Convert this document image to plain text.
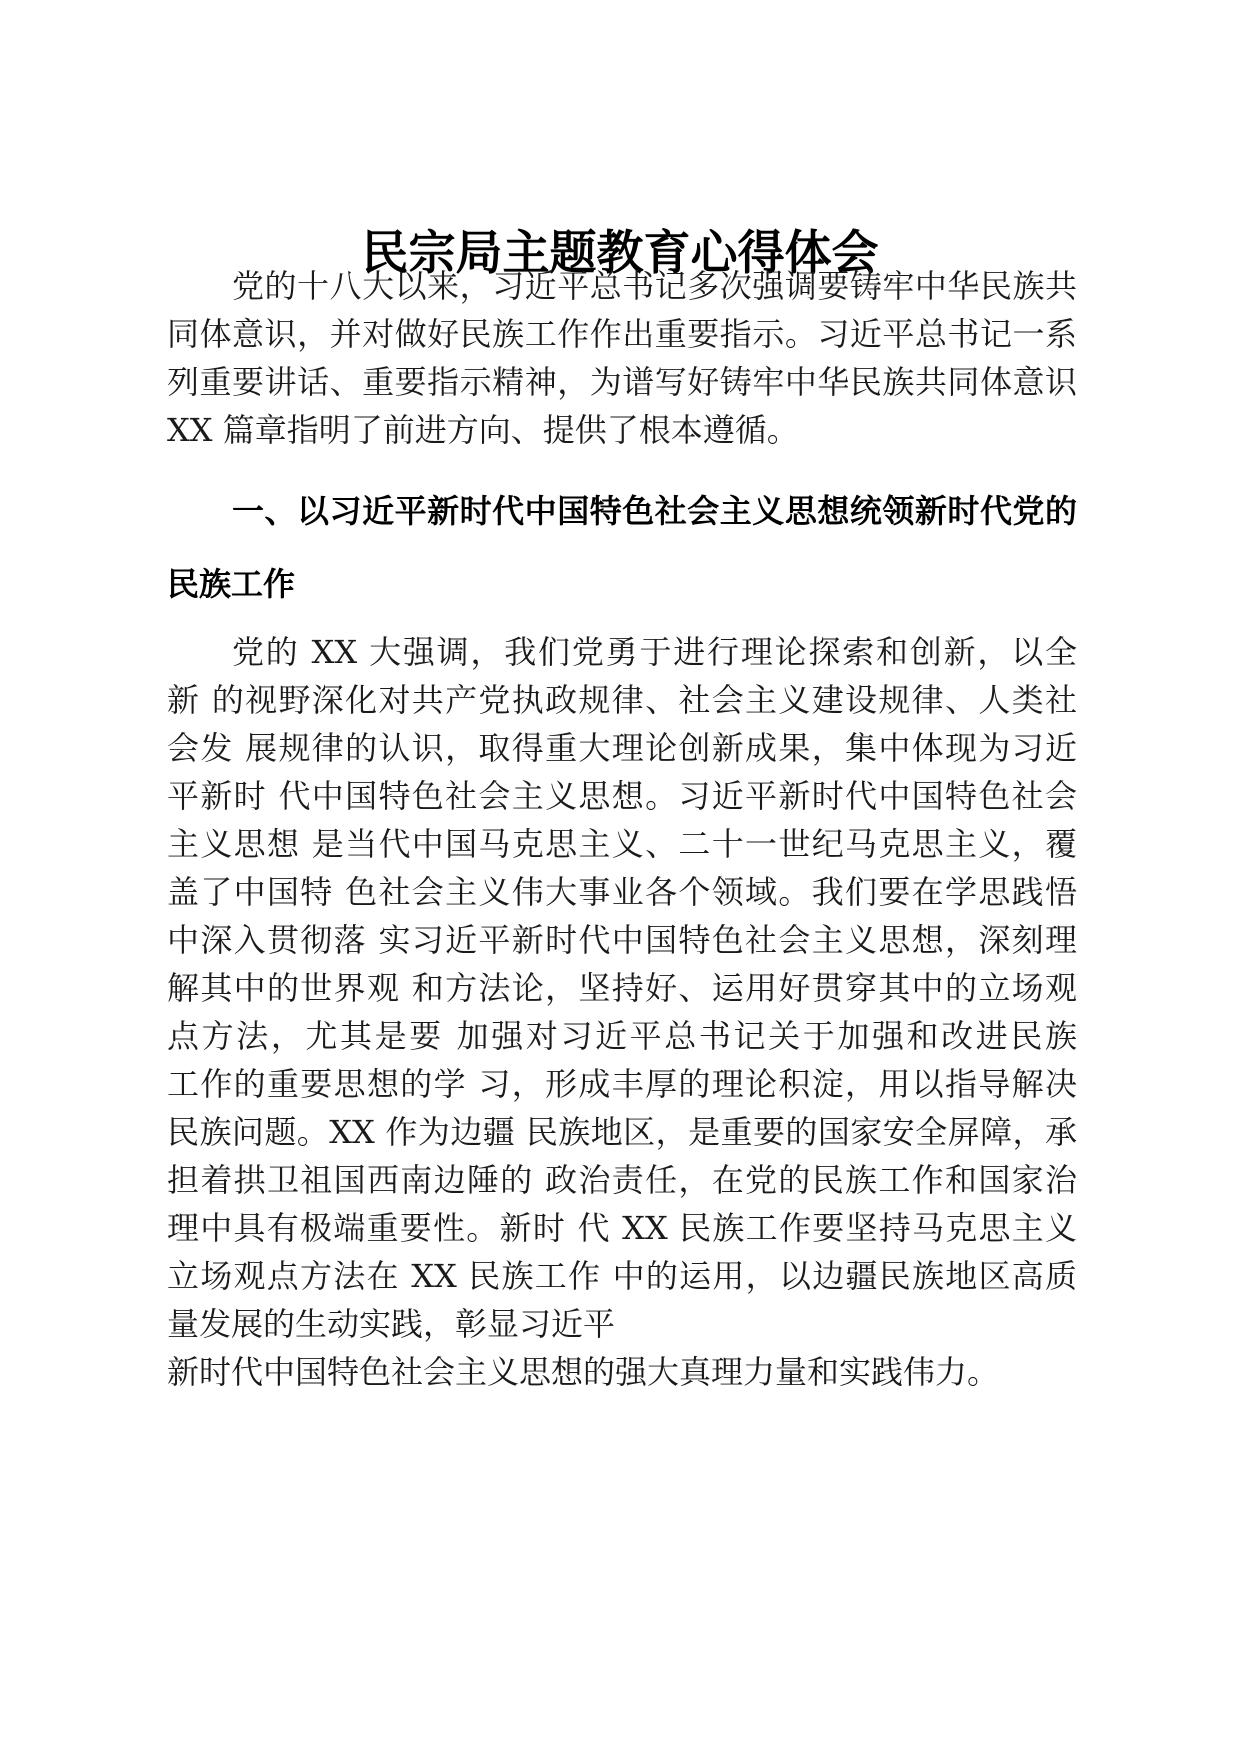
民宗局主题教育心得体会

党的十八大以来，习近平总书记多次强调要铸牢中华民族共

同体意识，并对做好民族工作作出重要指示。习近平总书记一系

列重要讲话、重要指示精神，为谱写好铸牢中华民族共同体意识

XX 篇章指明了前进方向、提供了根本遵循。

一、以习近平新时代中国特色社会主义思想统领新时代党的

民族工作

党的 XX 大强调，我们党勇于进行理论探索和创新，以全

新 的视野深化对共产党执政规律、社会主义建设规律、人类社

会发 展规律的认识，取得重大理论创新成果，集中体现为习近

平新时 代中国特色社会主义思想。习近平新时代中国特色社会

主义思想 是当代中国马克思主义、二十一世纪马克思主义，覆

盖了中国特 色社会主义伟大事业各个领域。我们要在学思践悟

中深入贯彻落 实习近平新时代中国特色社会主义思想，深刻理

解其中的世界观 和方法论，坚持好、运用好贯穿其中的立场观

点方法，尤其是要 加强对习近平总书记关于加强和改进民族

工作的重要思想的学 习，形成丰厚的理论积淀，用以指导解决

民族问题。XX 作为边疆 民族地区，是重要的国家安全屏障，承

担着拱卫祖国西南边陲的 政治责任，在党的民族工作和国家治

理中具有极端重要性。新时 代 XX 民族工作要坚持马克思主义

立场观点方法在 XX 民族工作 中的运用，以边疆民族地区高质

量发展的生动实践，彰显习近平

新时代中国特色社会主义思想的强大真理力量和实践伟力。
